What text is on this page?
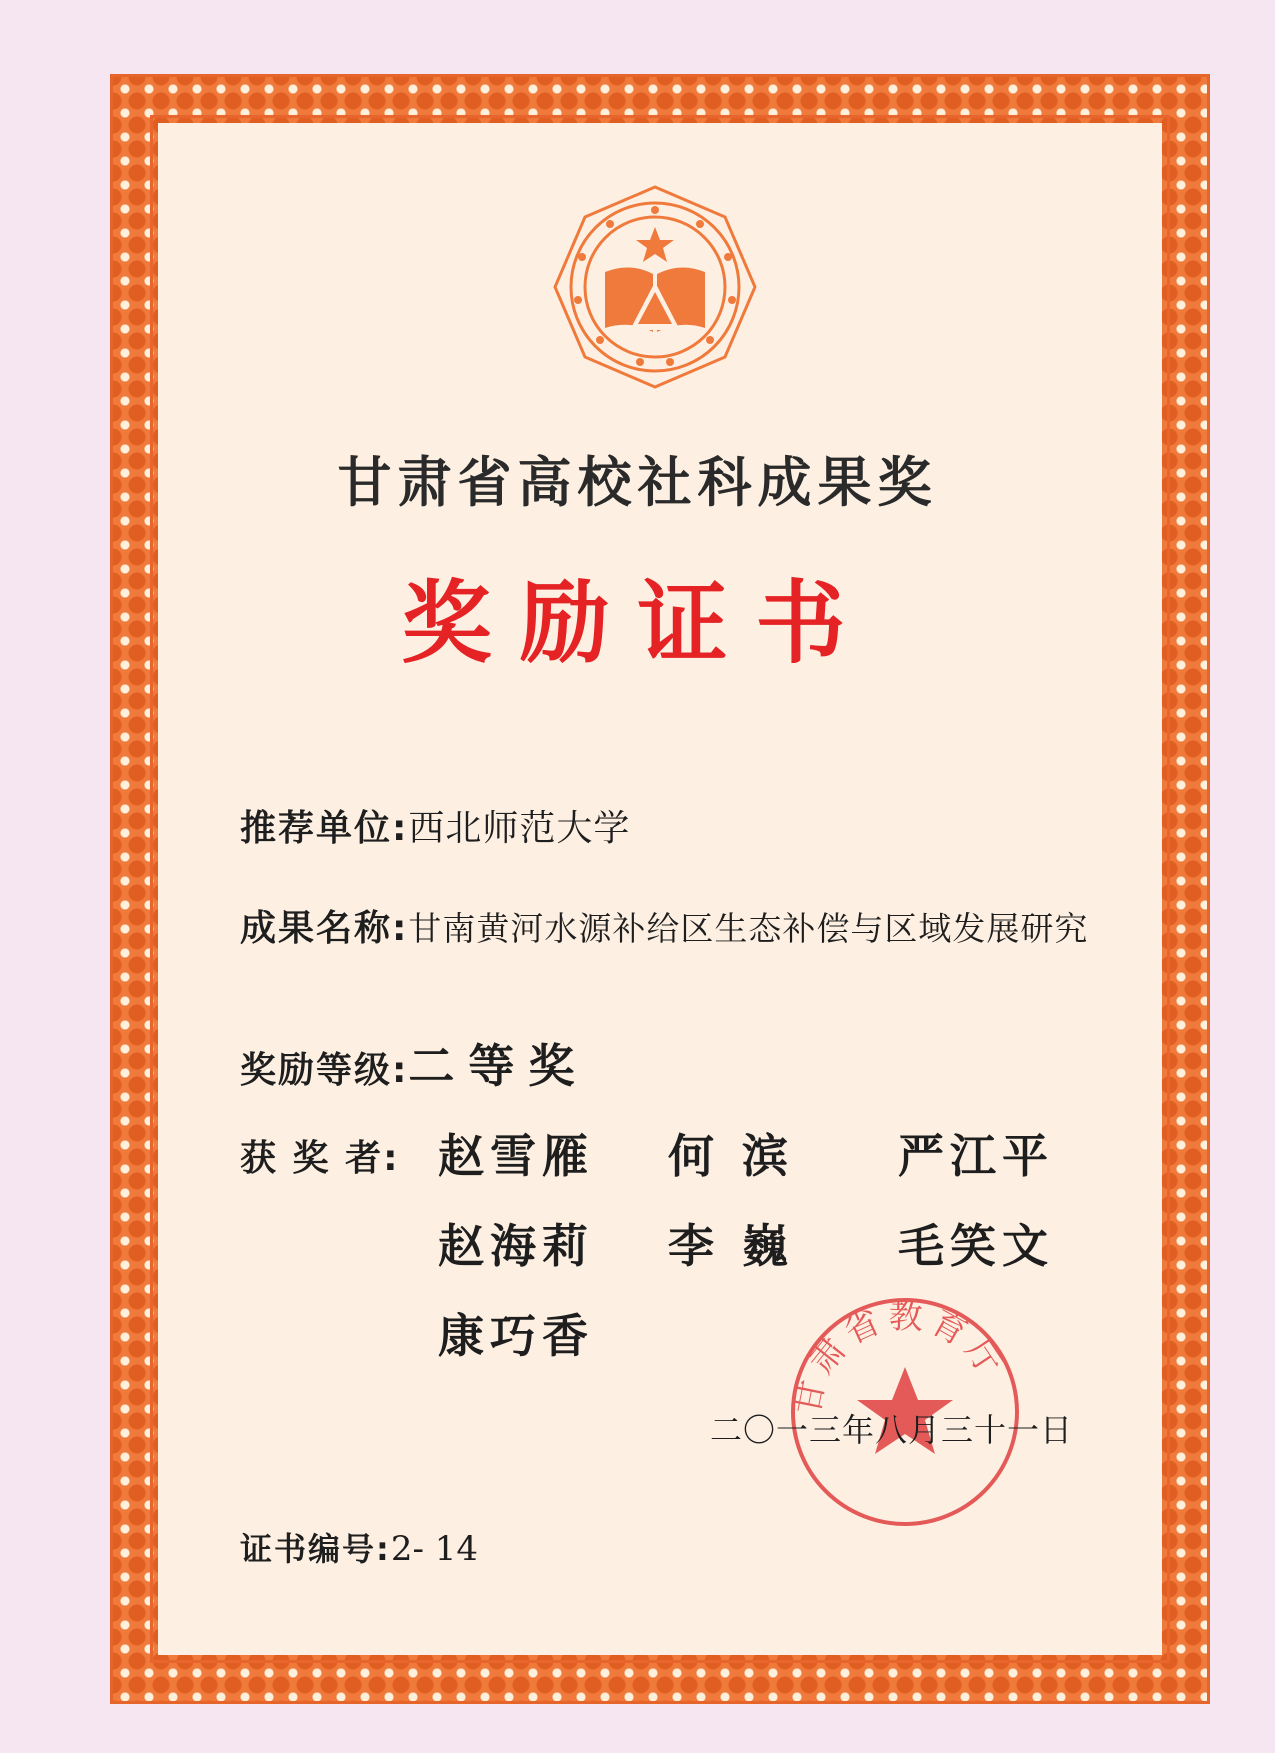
甘肃省高校社科成果奖
奖励证书
推荐单位:西北师范大学
成果名称:甘南黄河水源补给区生态补偿与区域发展研究
奖励等级:二等奖
获 奖 者: 赵雪雁 何 滨 严江平
赵海莉 李 巍 毛笑文
康巧香
甘肃省教育厅
二〇一三年八月三十一日
证书编号:2- 14
